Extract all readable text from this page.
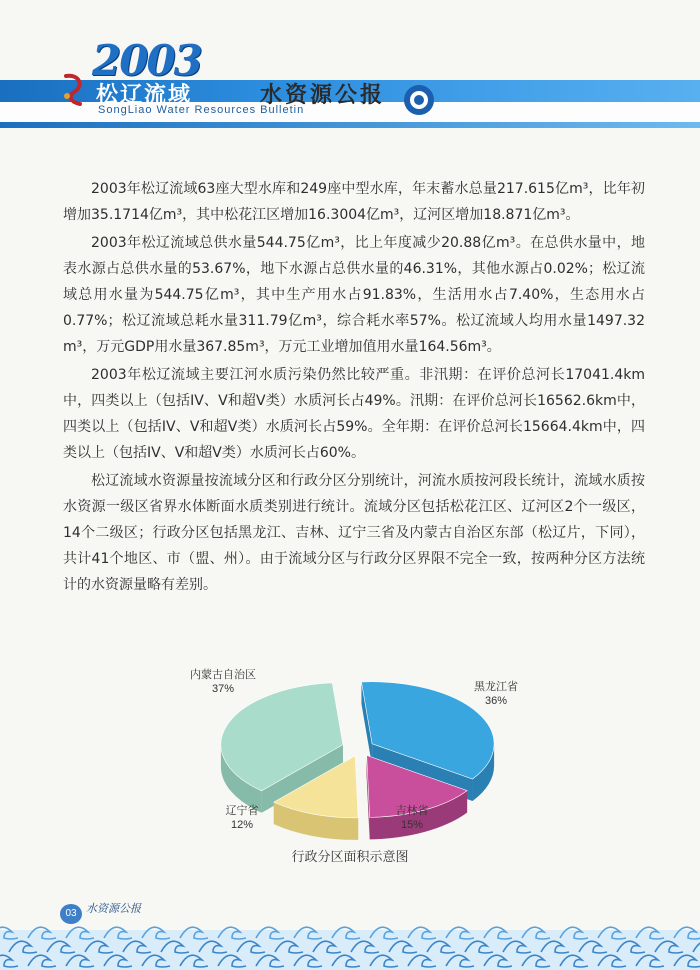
2003
松辽流域	水资源公报
SongLiao Water Resources Bulletin

2003年松辽流域63座大型水库和249座中型水库，年末蓄水总量217.615亿m³，比年初增加35.1714亿m³，其中松花江区增加16.3004亿m³，辽河区增加18.871亿m³。

2003年松辽流域总供水量544.75亿m³，比上年度减少20.88亿m³。在总供水量中，地表水源占总供水量的53.67%，地下水源占总供水量的46.31%，其他水源占0.02%；松辽流域总用水量为544.75亿m³，其中生产用水占91.83%，生活用水占7.40%，生态用水占0.77%；松辽流域总耗水量311.79亿m³，综合耗水率57%。松辽流域人均用水量1497.32 m³，万元GDP用水量367.85m³，万元工业增加值用水量164.56m³。

2003年松辽流域主要江河水质污染仍然比较严重。非汛期：在评价总河长17041.4km中，四类以上（包括IV、V和超V类）水质河长占49%。汛期：在评价总河长16562.6km中，四类以上（包括IV、V和超V类）水质河长占59%。全年期：在评价总河长15664.4km中，四类以上（包括IV、V和超V类）水质河长占60%。

松辽流域水资源量按流域分区和行政分区分别统计，河流水质按河段长统计，流域水质按水资源一级区省界水体断面水质类别进行统计。流域分区包括松花江区、辽河区2个一级区，14个二级区；行政分区包括黑龙江、吉林、辽宁三省及内蒙古自治区东部（松辽片，下同），共计41个地区、市（盟、州）。由于流域分区与行政分区界限不完全一致，按两种分区方法统计的水资源量略有差别。

内蒙古自治区
37%	黑龙江省
36%
吉林省
15%
辽宁省
12%
行政分区面积示意图
03 水资源公报
